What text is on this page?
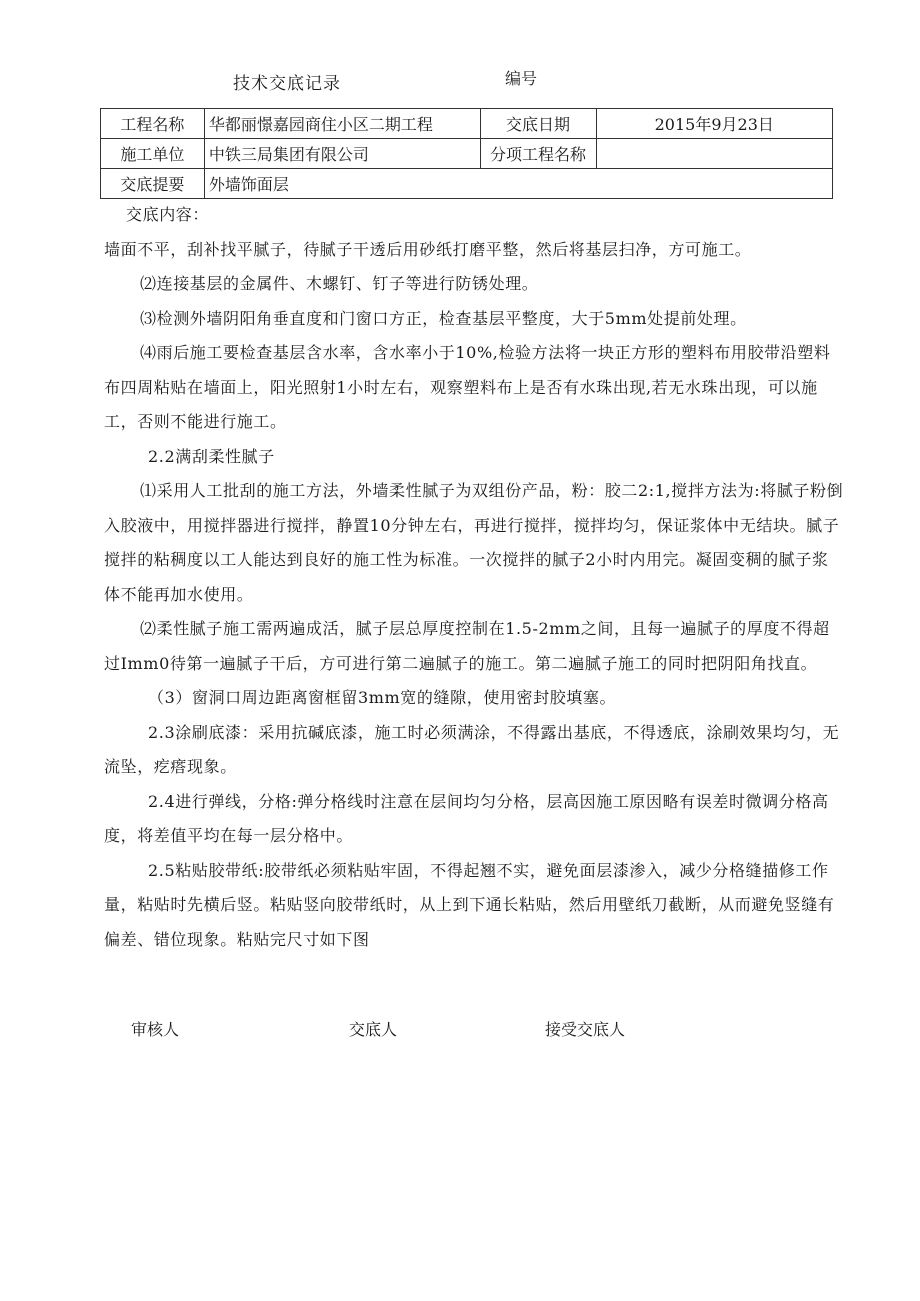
技术交底记录	编号
工程名称	华都丽憬嘉园商住小区二期工程	交底日期	2015年9月23日
施工单位	中铁三局集团有限公司	分项工程名称	
交底提要	外墙饰面层		

交底内容：

墙面不平，刮补找平腻子，待腻子干透后用砂纸打磨平整，然后将基层扫净，方可施工。

⑵连接基层的金属件、木螺钉、钉子等进行防锈处理。

⑶检测外墙阴阳角垂直度和门窗口方正，检查基层平整度，大于5mm处提前处理。

⑷雨后施工要检查基层含水率，含水率小于10%,检验方法将一块正方形的塑料布用胶带沿塑料布四周粘贴在墙面上，阳光照射1小时左右，观察塑料布上是否有水珠出现,若无水珠出现，可以施工，否则不能进行施工。

2.2满刮柔性腻子

⑴采用人工批刮的施工方法，外墙柔性腻子为双组份产品，粉：胶二2:1,搅拌方法为:将腻子粉倒入胶液中，用搅拌器进行搅拌，静置10分钟左右，再进行搅拌，搅拌均匀，保证浆体中无结块。腻子搅拌的粘稠度以工人能达到良好的施工性为标准。一次搅拌的腻子2小时内用完。凝固变稠的腻子浆体不能再加水使用。

⑵柔性腻子施工需两遍成活，腻子层总厚度控制在1.5-2mm之间，且每一遍腻子的厚度不得超过Imm0待第一遍腻子干后，方可进行第二遍腻子的施工。第二遍腻子施工的同时把阴阳角找直。

（3）窗洞口周边距离窗框留3mm宽的缝隙，使用密封胶填塞。

2.3涂刷底漆：采用抗碱底漆，施工时必须满涂，不得露出基底，不得透底，涂刷效果均匀，无流坠，疙瘩现象。

2.4进行弹线，分格:弹分格线时注意在层间均匀分格，层高因施工原因略有误差时微调分格高度，将差值平均在每一层分格中。

2.5粘贴胶带纸:胶带纸必须粘贴牢固，不得起翘不实，避免面层漆渗入，减少分格缝描修工作量，粘贴时先横后竖。粘贴竖向胶带纸时，从上到下通长粘贴，然后用壁纸刀截断，从而避免竖缝有偏差、错位现象。粘贴完尺寸如下图

审核人	交底人	接受交底人
